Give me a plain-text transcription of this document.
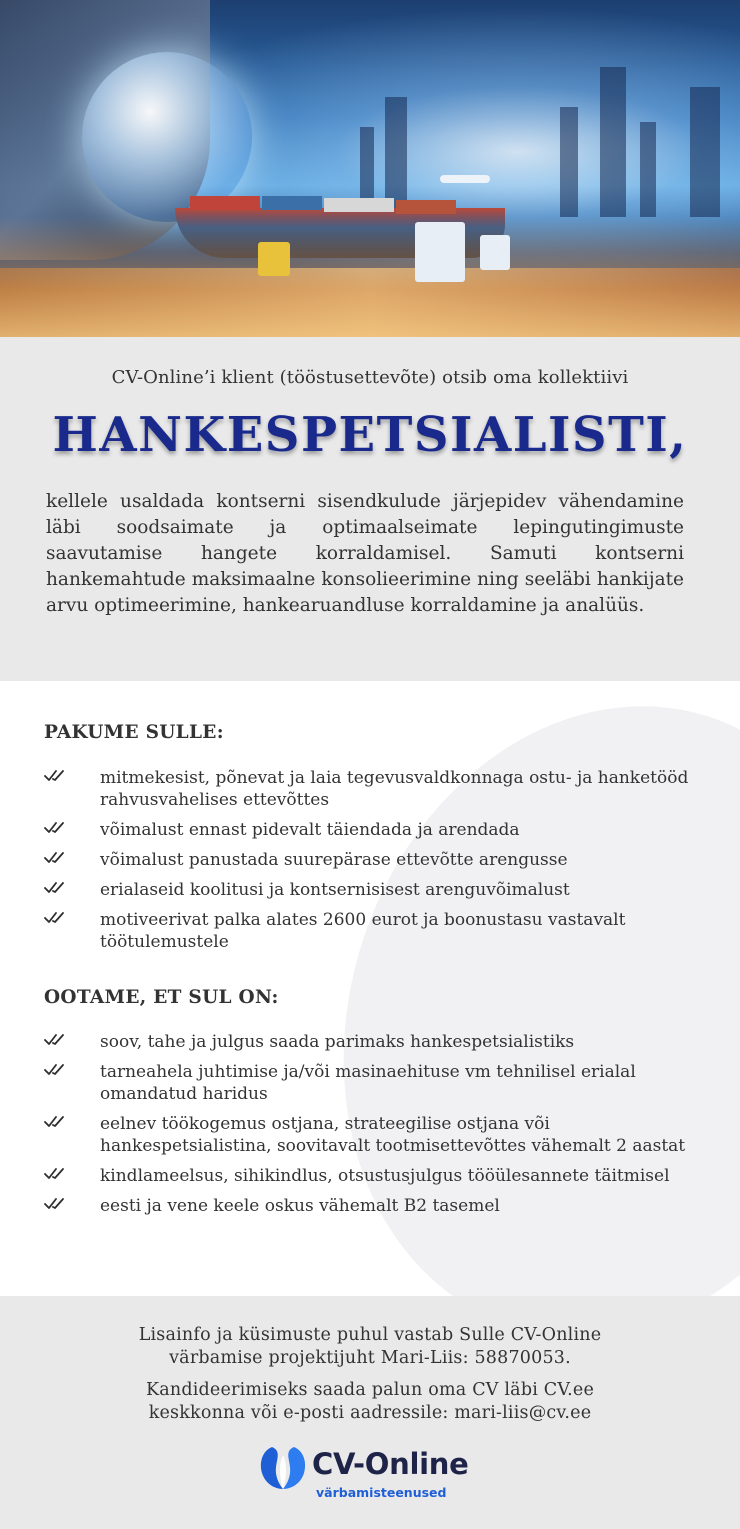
CV-Online’i klient (tööstusettevõte) otsib oma kollektiivi

HANKESPETSIALISTI,

kellele usaldada kontserni sisendkulude järjepidev vähendamine läbi soodsaimate ja optimaalseimate lepingutingimuste saavutamise hangete korraldamisel. Samuti kontserni hankemahtude maksimaalne konsolieerimine ning seeläbi hankijate arvu optimeerimine, hankearuandluse korraldamine ja analüüs.

PAKUME SULLE:
mitmekesist, põnevat ja laia tegevusvaldkonnaga ostu- ja hanketööd rahvusvahelises ettevõttes
võimalust ennast pidevalt täiendada ja arendada
võimalust panustada suurepärase ettevõtte arengusse
erialaseid koolitusi ja kontsernisisest arenguvõimalust
motiveerivat palka alates 2600 eurot ja boonustasu vastavalt töötulemustele
OOTAME, ET SUL ON:
soov, tahe ja julgus saada parimaks hankespetsialistiks
tarneahela juhtimise ja/või masinaehituse vm tehnilisel erialal omandatud haridus
eelnev töökogemus ostjana, strateegilise ostjana või hankespetsialistina, soovitavalt tootmisettevõttes vähemalt 2 aastat
kindlameelsus, sihikindlus, otsustusjulgus tööülesannete täitmisel
eesti ja vene keele oskus vähemalt B2 tasemel
Lisainfo ja küsimuste puhul vastab Sulle CV-Online
värbamise projektijuht Mari-Liis: 58870053.
Kandideerimiseks saada palun oma CV läbi CV.ee
keskkonna või e-posti aadressile: mari-liis@cv.ee
CV-Online
värbamisteenused
